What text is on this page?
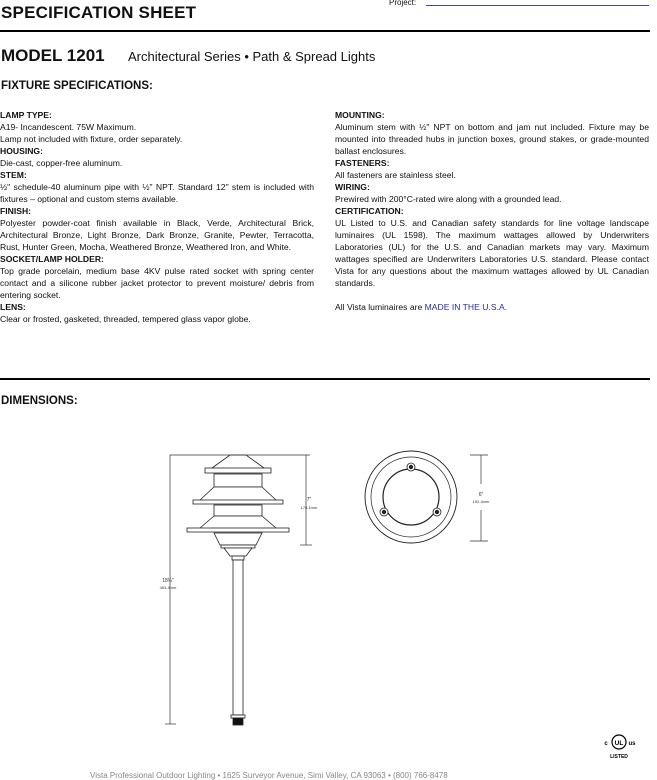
SPECIFICATION SHEET
Project:
MODEL 1201 Architectural Series • Path & Spread Lights
FIXTURE SPECIFICATIONS:

LAMP TYPE:

A19- Incandescent. 75W Maximum.

Lamp not included with fixture, order separately.

HOUSING:

Die-cast, copper-free aluminum.

STEM:

½" schedule-40 aluminum pipe with ½" NPT. Standard 12" stem is included with fixtures – optional and custom stems available.

FINISH:

Polyester powder-coat finish available in Black, Verde, Architectural Brick, Architectural Bronze, Light Bronze, Dark Bronze, Granite, Pewter, Terracotta, Rust, Hunter Green, Mocha, Weathered Bronze, Weathered Iron, and White.

SOCKET/LAMP HOLDER:

Top grade porcelain, medium base 4KV pulse rated socket with spring center contact and a silicone rubber jacket protector to prevent moisture/ debris from entering socket.

LENS:

Clear or frosted, gasketed, threaded, tempered glass vapor globe.

MOUNTING:

Aluminum stem with ½" NPT on bottom and jam nut included. Fixture may be mounted into threaded hubs in junction boxes, ground stakes, or grade-mounted ballast enclosures.

FASTENERS:

All fasteners are stainless steel.

WIRING:

Prewired with 200°C-rated wire along with a grounded lead.

CERTIFICATION:

UL Listed to U.S. and Canadian safety standards for line voltage landscape luminaires (UL 1598). The maximum wattages allowed by Underwriters Laboratories (UL) for the U.S. and Canadian markets may vary. Maximum wattages specified are Underwriters Laboratories U.S. standard. Please contact Vista for any questions about the maximum wattages allowed by UL Canadian standards.

All Vista luminaires are MADE IN THE U.S.A.

DIMENSIONS:
7"
178.1mm
18¼"
463.4mm
6"
152.4mm
UL
c	us
LISTED
Vista Professional Outdoor Lighting • 1625 Surveyor Avenue, Simi Valley, CA 93063 • (800) 766-8478
